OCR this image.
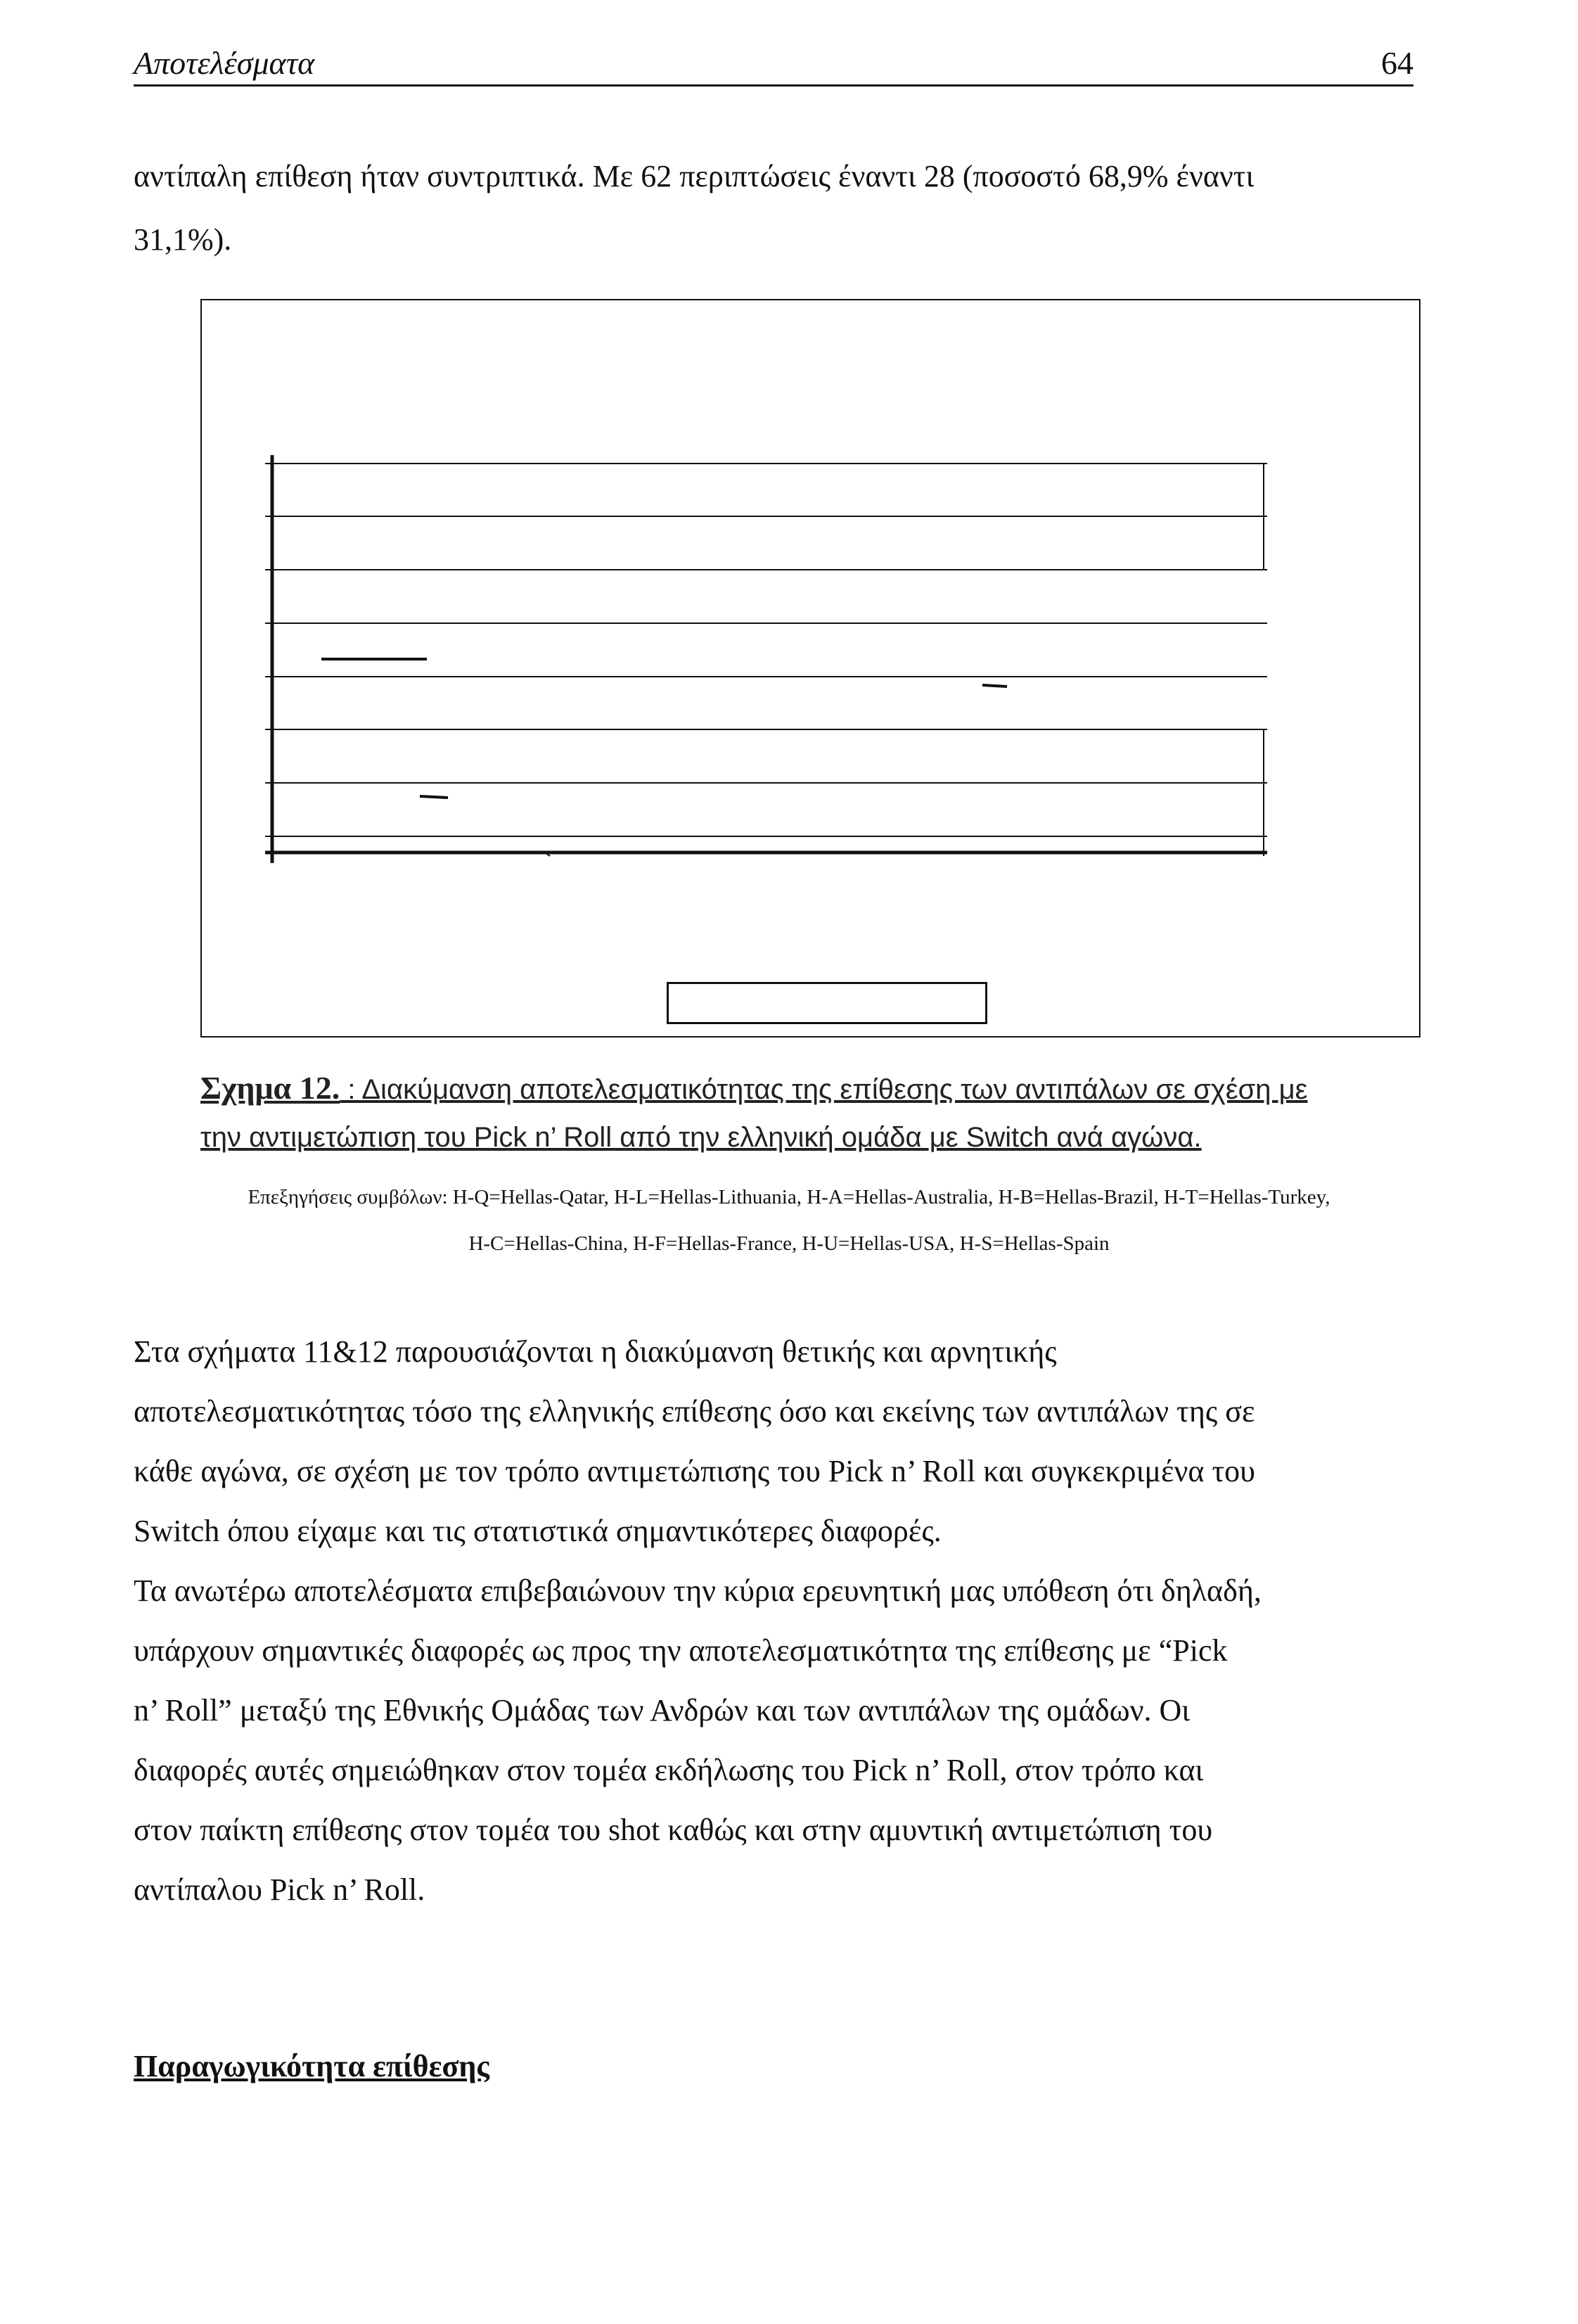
Αποτελέσματα	64

αντίπαλη επίθεση ήταν συντριπτικά. Με 62 περιπτώσεις έναντι 28 (ποσοστό 68,9% έναντι

31,1%).

Σχημα 12. : Διακύμανση αποτελεσματικότητας της επίθεσης των αντιπάλων σε σχέση με
την αντιμετώπιση του Pick n’ Roll από την ελληνική ομάδα με Switch ανά αγώνα.
Επεξηγήσεις συμβόλων: H-Q=Hellas-Qatar, H-L=Hellas-Lithuania, H-A=Hellas-Australia, H-B=Hellas-Brazil, H-T=Hellas-Turkey,
H-C=Hellas-China, H-F=Hellas-France, H-U=Hellas-USA, H-S=Hellas-Spain

Στα σχήματα 11&12 παρουσιάζονται η διακύμανση θετικής και αρνητικής

αποτελεσματικότητας τόσο της ελληνικής επίθεσης όσο και εκείνης των αντιπάλων της σε

κάθε αγώνα, σε σχέση με τον τρόπο αντιμετώπισης του Pick n’ Roll και συγκεκριμένα του

Switch όπου είχαμε και τις στατιστικά σημαντικότερες διαφορές.

Τα ανωτέρω αποτελέσματα επιβεβαιώνουν την κύρια ερευνητική μας υπόθεση ότι δηλαδή,

υπάρχουν σημαντικές διαφορές ως προς την αποτελεσματικότητα της επίθεσης με “Pick

n’ Roll” μεταξύ της Εθνικής Ομάδας των Ανδρών και των αντιπάλων της ομάδων. Οι

διαφορές αυτές σημειώθηκαν στον τομέα εκδήλωσης του Pick n’ Roll, στον τρόπο και

στον παίκτη επίθεσης στον τομέα του shot καθώς και στην αμυντική αντιμετώπιση του

αντίπαλου Pick n’ Roll.

Παραγωγικότητα επίθεσης
